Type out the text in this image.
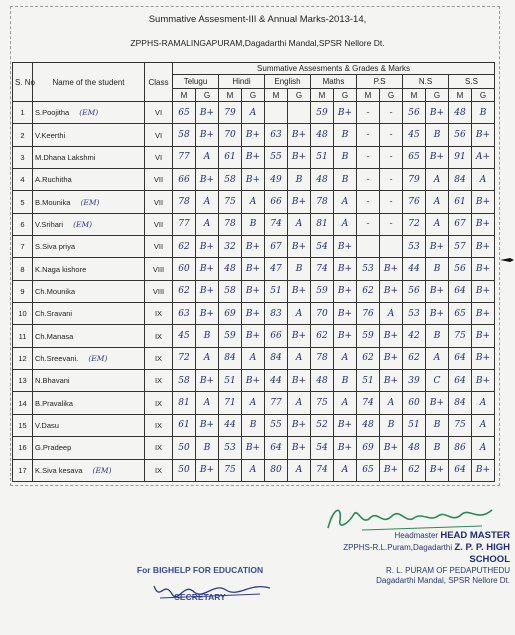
Summative Assesment-III & Annual Marks-2013-14,
ZPPHS-RAMALINGAPURAM,Dagadarthi Mandal,SPSR Nellore Dt.
S. No	Name of the student	Class	Summative Assesments & Grades & Marks													
			Telugu		Hindi		English		Maths		P.S		N.S		S.S	
			M	G	M	G	M	G	M	G	M	G	M	G	M	G
1	S.Poojitha (EM)	VI	65	B+	79	A			59	B+	-	-	56	B+	48	B
2	V.Keerthi	VI	58	B+	70	B+	63	B+	48	B	-	-	45	B	56	B+
3	M.Dhana Lakshmi	VI	77	A	61	B+	55	B+	51	B	-	-	65	B+	91	A+
4	A.Ruchitha	VII	66	B+	58	B+	49	B	48	B	-	-	79	A	84	A
5	B.Mounika (EM)	VII	78	A	75	A	66	B+	78	A	-	-	76	A	61	B+
6	V.Srihari (EM)	VII	77	A	78	B	74	A	81	A	-	-	72	A	67	B+
7	S.Siva priya	VII	62	B+	32	B+	67	B+	54	B+			53	B+	57	B+
8	K.Naga kishore	VIII	60	B+	48	B+	47	B	74	B+	53	B+	44	B	56	B+
9	Ch.Mounika	VIII	62	B+	58	B+	51	B+	59	B+	62	B+	56	B+	64	B+
10	Ch.Sravani	IX	63	B+	69	B+	83	A	70	B+	76	A	53	B+	65	B+
11	Ch.Manasa	IX	45	B	59	B+	66	B+	62	B+	59	B+	42	B	75	B+
12	Ch.Sreevani. (EM)	IX	72	A	84	A	84	A	78	A	62	B+	62	A	64	B+
13	N.Bhavani	IX	58	B+	51	B+	44	B+	48	B	51	B+	39	C	64	B+
14	B.Pravalika	IX	81	A	71	A	77	A	75	A	74	A	60	B+	84	A
15	V.Dasu	IX	61	B+	44	B	55	B+	52	B+	48	B	51	B	75	A
16	G.Pradeep	IX	50	B	53	B+	64	B+	54	B+	69	B+	48	B	86	A
17	K.Siva kesava (EM)	IX	50	B+	75	A	80	A	74	A	65	B+	62	B+	64	B+
Headmaster HEAD MASTER
ZPPHS-R.L.Puram,Dagadarthi Z. P. P. HIGH SCHOOL
R. L. PURAM OF PEDAPUTHEDU
Dagadarthi Mandal, SPSR Nellore Dt.
For BIGHELP FOR EDUCATION
SECRETARY
